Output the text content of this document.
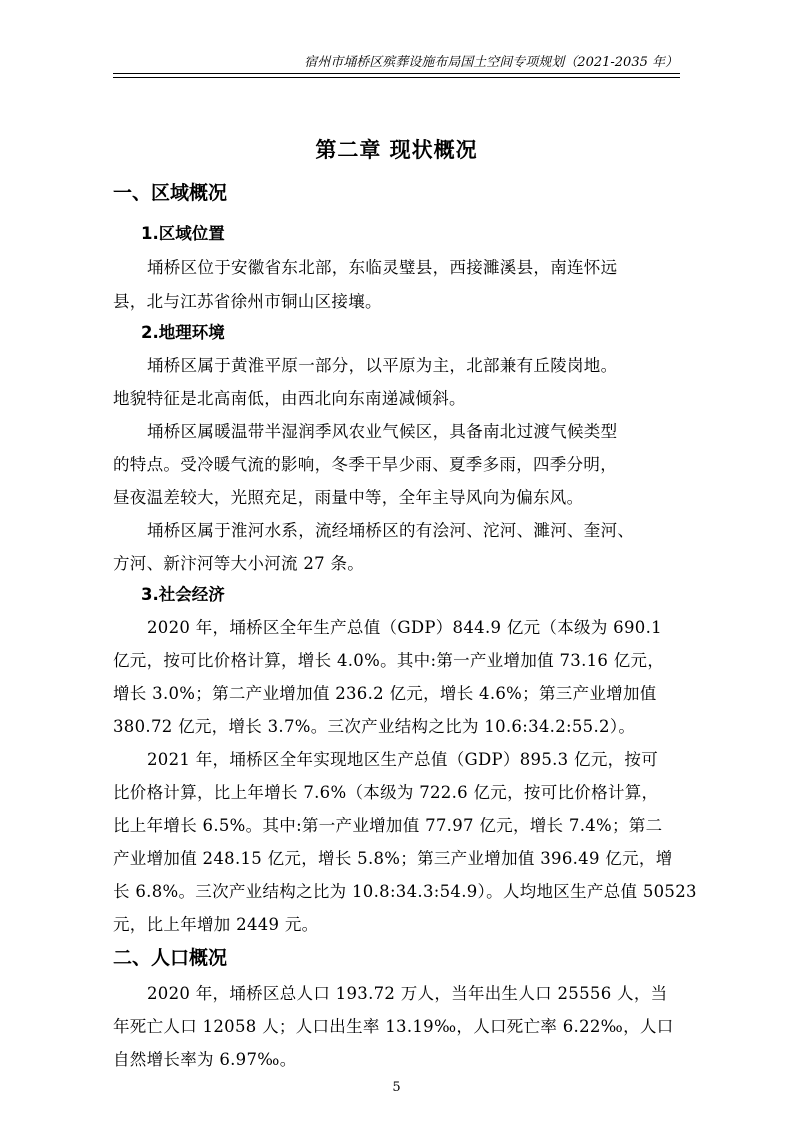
宿州市埇桥区殡葬设施布局国土空间专项规划（2021-2035 年）
第二章 现状概况
一、区域概况
1.区域位置
埇桥区位于安徽省东北部，东临灵璧县，西接濉溪县，南连怀远
县，北与江苏省徐州市铜山区接壤。
2.地理环境
埇桥区属于黄淮平原一部分，以平原为主，北部兼有丘陵岗地。
地貌特征是北高南低，由西北向东南递减倾斜。
埇桥区属暖温带半湿润季风农业气候区，具备南北过渡气候类型
的特点。受冷暖气流的影响，冬季干旱少雨、夏季多雨，四季分明，
昼夜温差较大，光照充足，雨量中等，全年主导风向为偏东风。
埇桥区属于淮河水系，流经埇桥区的有浍河、沱河、濉河、奎河、
方河、新汴河等大小河流 27 条。
3.社会经济
2020 年，埇桥区全年生产总值（GDP）844.9 亿元（本级为 690.1
亿元，按可比价格计算，增长 4.0%。其中:第一产业增加值 73.16 亿元，
增长 3.0%；第二产业增加值 236.2 亿元，增长 4.6%；第三产业增加值
380.72 亿元，增长 3.7%。三次产业结构之比为 10.6:34.2:55.2）。
2021 年，埇桥区全年实现地区生产总值（GDP）895.3 亿元，按可
比价格计算，比上年增长 7.6%（本级为 722.6 亿元，按可比价格计算，
比上年增长 6.5%。其中:第一产业增加值 77.97 亿元，增长 7.4%；第二
产业增加值 248.15 亿元，增长 5.8%；第三产业增加值 396.49 亿元，增
长 6.8%。三次产业结构之比为 10.8:34.3:54.9）。人均地区生产总值 50523
元，比上年增加 2449 元。
二、人口概况
2020 年，埇桥区总人口 193.72 万人，当年出生人口 25556 人，当
年死亡人口 12058 人；人口出生率 13.19‰，人口死亡率 6.22‰，人口
自然增长率为 6.97‰。
5
